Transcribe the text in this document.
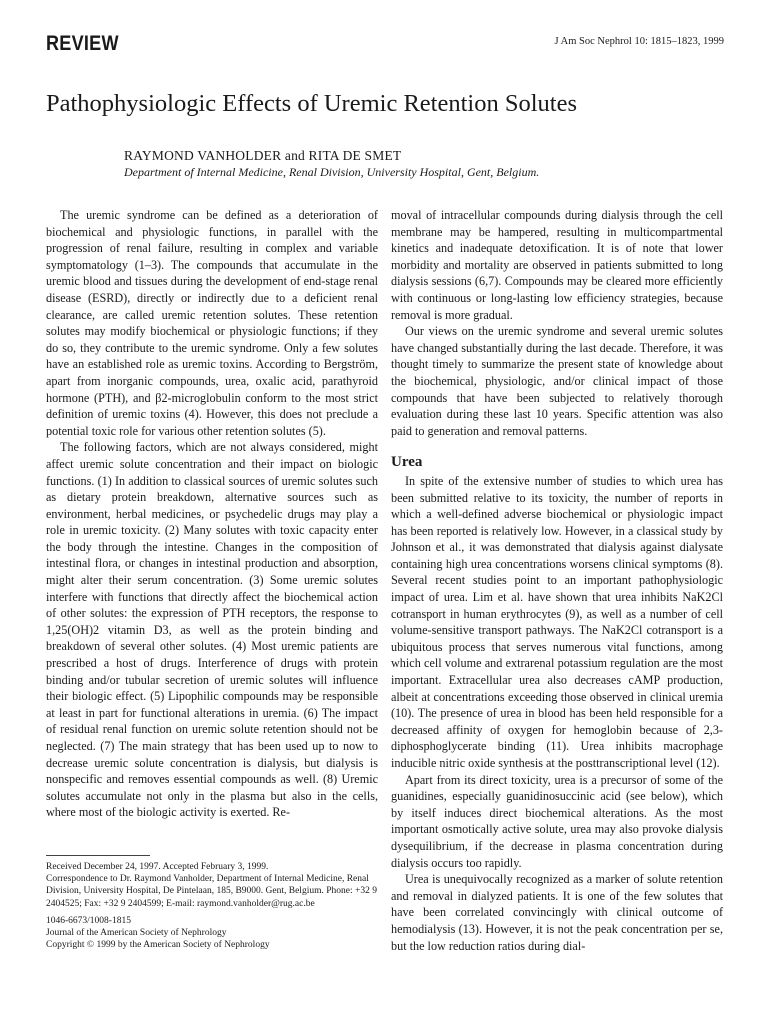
REVIEW	J Am Soc Nephrol 10: 1815–1823, 1999
Pathophysiologic Effects of Uremic Retention Solutes
RAYMOND VANHOLDER and RITA DE SMET
Department of Internal Medicine, Renal Division, University Hospital, Gent, Belgium.

The uremic syndrome can be defined as a deterioration of biochemical and physiologic functions, in parallel with the progression of renal failure, resulting in complex and variable symptomatology (1–3). The compounds that accumulate in the uremic blood and tissues during the development of end-stage renal disease (ESRD), directly or indirectly due to a deficient renal clearance, are called uremic retention solutes. These retention solutes may modify biochemical or physiologic functions; if they do so, they contribute to the uremic syndrome. Only a few solutes have an established role as uremic toxins. According to Bergström, apart from inorganic compounds, urea, oxalic acid, parathyroid hormone (PTH), and β2-microglobulin conform to the most strict definition of uremic toxins (4). However, this does not preclude a potential toxic role for various other retention solutes (5).

The following factors, which are not always considered, might affect uremic solute concentration and their impact on biologic functions. (1) In addition to classical sources of uremic solutes such as dietary protein breakdown, alternative sources such as environment, herbal medicines, or psychedelic drugs may play a role in uremic toxicity. (2) Many solutes with toxic capacity enter the body through the intestine. Changes in the composition of intestinal flora, or changes in intestinal production and absorption, might alter their serum concentration. (3) Some uremic solutes interfere with functions that directly affect the biochemical action of other solutes: the expression of PTH receptors, the response to 1,25(OH)2 vitamin D3, as well as the protein binding and breakdown of several other solutes. (4) Most uremic patients are prescribed a host of drugs. Interference of drugs with protein binding and/or tubular secretion of uremic solutes will influence their biologic effect. (5) Lipophilic compounds may be responsible at least in part for functional alterations in uremia. (6) The impact of residual renal function on uremic solute retention should not be neglected. (7) The main strategy that has been used up to now to decrease uremic solute concentration is dialysis, but dialysis is nonspecific and removes essential compounds as well. (8) Uremic solutes accumulate not only in the plasma but also in the cells, where most of the biologic activity is exerted. Re-

moval of intracellular compounds during dialysis through the cell membrane may be hampered, resulting in multicompartmental kinetics and inadequate detoxification. It is of note that lower morbidity and mortality are observed in patients submitted to long dialysis sessions (6,7). Compounds may be cleared more efficiently with continuous or long-lasting low efficiency strategies, because removal is more gradual.

Our views on the uremic syndrome and several uremic solutes have changed substantially during the last decade. Therefore, it was thought timely to summarize the present state of knowledge about the biochemical, physiologic, and/or clinical impact of those compounds that have been subjected to relatively thorough evaluation during these last 10 years. Specific attention was also paid to generation and removal patterns.

Urea

In spite of the extensive number of studies to which urea has been submitted relative to its toxicity, the number of reports in which a well-defined adverse biochemical or physiologic impact has been reported is relatively low. However, in a classical study by Johnson et al., it was demonstrated that dialysis against dialysate containing high urea concentrations worsens clinical symptoms (8). Several recent studies point to an important pathophysiologic impact of urea. Lim et al. have shown that urea inhibits NaK2Cl cotransport in human erythrocytes (9), as well as a number of cell volume-sensitive transport pathways. The NaK2Cl cotransport is a ubiquitous process that serves numerous vital functions, among which cell volume and extrarenal potassium regulation are the most important. Extracellular urea also decreases cAMP production, albeit at concentrations exceeding those observed in clinical uremia (10). The presence of urea in blood has been held responsible for a decreased affinity of oxygen for hemoglobin because of 2,3-diphosphoglycerate binding (11). Urea inhibits macrophage inducible nitric oxide synthesis at the posttranscriptional level (12).

Apart from its direct toxicity, urea is a precursor of some of the guanidines, especially guanidinosuccinic acid (see below), which by itself induces direct biochemical alterations. As the most important osmotically active solute, urea may also provoke dialysis dysequilibrium, if the decrease in plasma concentration during dialysis occurs too rapidly.

Urea is unequivocally recognized as a marker of solute retention and removal in dialyzed patients. It is one of the few solutes that have been correlated convincingly with clinical outcome of hemodialysis (13). However, it is not the peak concentration per se, but the low reduction ratios during dial-

Received December 24, 1997. Accepted February 3, 1999.

Correspondence to Dr. Raymond Vanholder, Department of Internal Medicine, Renal Division, University Hospital, De Pintelaan, 185, B9000. Gent, Belgium. Phone: +32 9 2404525; Fax: +32 9 2404599; E-mail: raymond.vanholder@rug.ac.be

1046-6673/1008-1815

Journal of the American Society of Nephrology

Copyright © 1999 by the American Society of Nephrology
